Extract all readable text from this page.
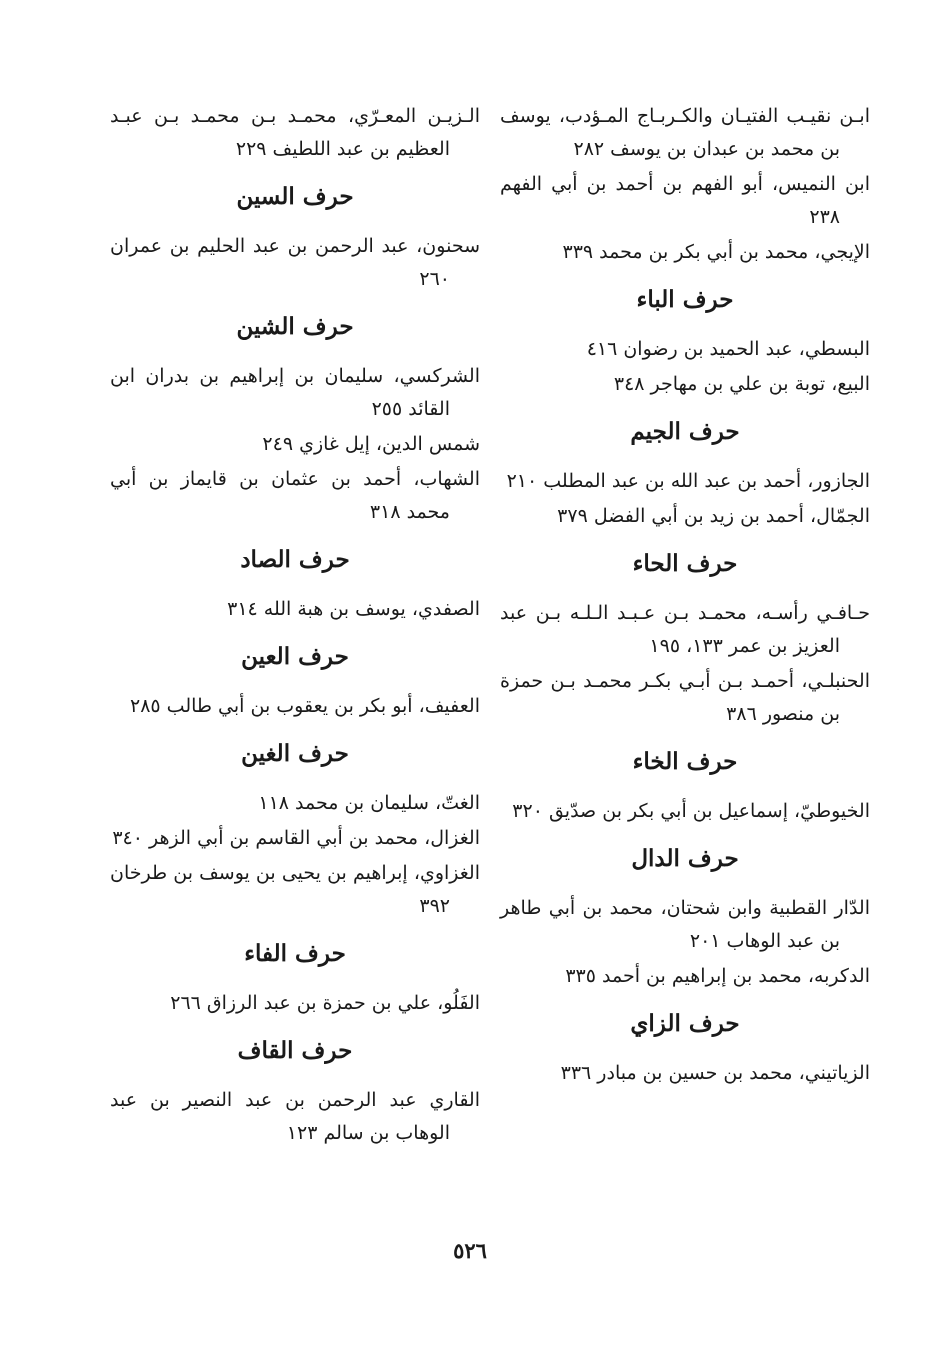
ابـن نقيـب الفتيـان والكـربـاج المـؤدب، يوسف بن محمد بن عبدان بن يوسف ٢٨٢
ابن النميس، أبو الفهم بن أحمد بن أبي الفهم ٢٣٨
الإيجي، محمد بن أبي بكر بن محمد ٣٣٩
حرف الباء
البسطي، عبد الحميد بن رضوان ٤١٦
البيع، توبة بن علي بن مهاجر ٣٤٨
حرف الجيم
الجازور، أحمد بن عبد الله بن عبد المطلب ٢١٠
الجمّال، أحمد بن زيد بن أبي الفضل ٣٧٩
حرف الحاء
حـافـي رأسـه، محمـد بـن عـبـد الـلـه بـن عبد العزيز بن عمر ١٣٣، ١٩٥
الحنبلـي، أحمـد بـن أبـي بكـر محمـد بـن حمزة بن منصور ٣٨٦
حرف الخاء
الخيوطيّ، إسماعيل بن أبي بكر بن صدّيق ٣٢٠
حرف الدال
الدّار القطبية وابن شحتان، محمد بن أبي طاهر بن عبد الوهاب ٢٠١
الدكربه، محمد بن إبراهيم بن أحمد ٣٣٥
حرف الزاي
الزياتيني، محمد بن حسين بن مبادر ٣٣٦
الـزيـن المعـرّي، محمـد بـن محمـد بـن عبـد العظيم بن عبد اللطيف ٢٢٩
حرف السين
سحنون، عبد الرحمن بن عبد الحليم بن عمران ٢٦٠
حرف الشين
الشركسي، سليمان بن إبراهيم بن بدران ابن القائد ٢٥٥
شمس الدين، إيل غازي ٢٤٩
الشهاب، أحمد بن عثمان بن قايماز بن أبي محمد ٣١٨
حرف الصاد
الصفدي، يوسف بن هبة الله ٣١٤
حرف العين
العفيف، أبو بكر بن يعقوب بن أبي طالب ٢٨٥
حرف الغين
الغتّ، سليمان بن محمد ١١٨
الغزال، محمد بن أبي القاسم بن أبي الزهر ٣٤٠
الغزاوي، إبراهيم بن يحيى بن يوسف بن طرخان ٣٩٢
حرف الفاء
الفَلُو، علي بن حمزة بن عبد الرزاق ٢٦٦
حرف القاف
القاري عبد الرحمن بن عبد النصير بن عبد الوهاب بن سالم ١٢٣
٥٢٦
